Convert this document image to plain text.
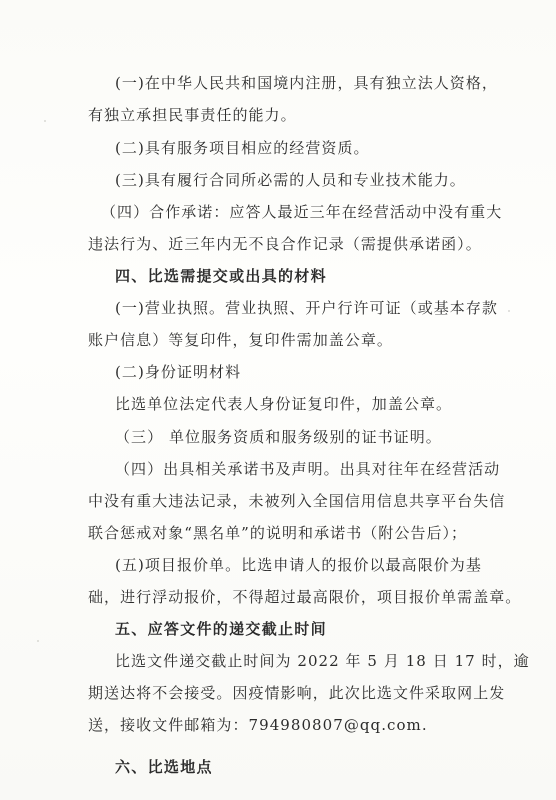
(一)在中华人民共和国境内注册，具有独立法人资格，
有独立承担民事责任的能力。
(二)具有服务项目相应的经营资质。
(三)具有履行合同所必需的人员和专业技术能力。
（四）合作承诺：应答人最近三年在经营活动中没有重大
违法行为、近三年内无不良合作记录（需提供承诺函）。
四、比选需提交或出具的材料
(一)营业执照。营业执照、开户行许可证（或基本存款
账户信息）等复印件，复印件需加盖公章。
(二)身份证明材料
比选单位法定代表人身份证复印件，加盖公章。
（三） 单位服务资质和服务级别的证书证明。
（四）出具相关承诺书及声明。出具对往年在经营活动
中没有重大违法记录，未被列入全国信用信息共享平台失信
联合惩戒对象“黑名单”的说明和承诺书（附公告后）；
(五)项目报价单。比选申请人的报价以最高限价为基
础，进行浮动报价，不得超过最高限价，项目报价单需盖章。
五、应答文件的递交截止时间
比选文件递交截止时间为 2022 年 5 月 18 日 17 时，逾
期送达将不会接受。因疫情影响，此次比选文件采取网上发
送，接收文件邮箱为：794980807@qq.com.
六、比选地点
